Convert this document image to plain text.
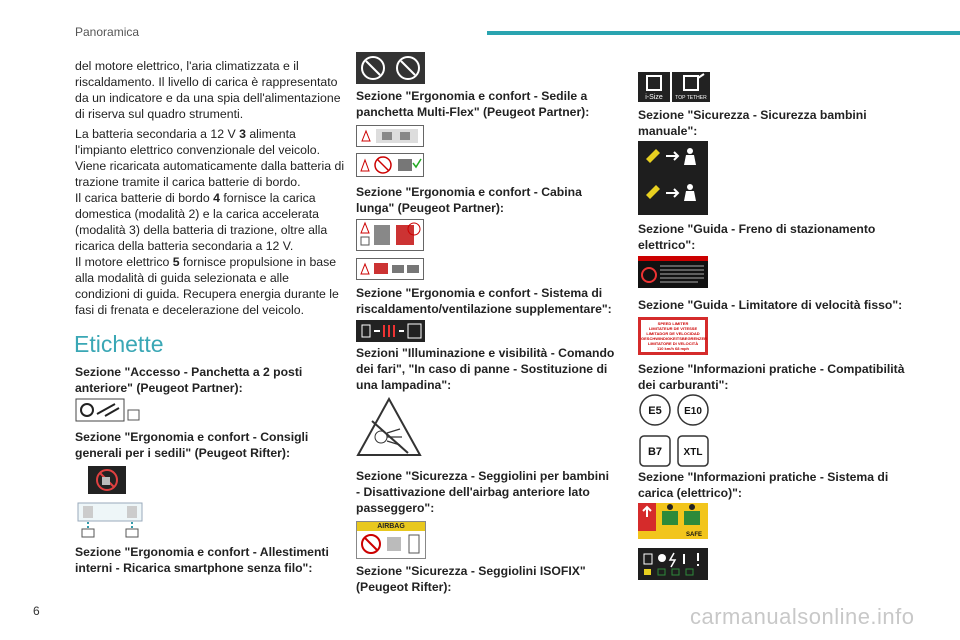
Panoramica

del motore elettrico, l'aria climatizzata e il riscaldamento. Il livello di carica è rappresentato da un indicatore e da una spia dell'alimentazione di riserva sul quadro strumenti.

La batteria secondaria a 12 V 3 alimenta l'impianto elettrico convenzionale del veicolo. Viene ricaricata automaticamente dalla batteria di trazione tramite il carica batterie di bordo.

Il carica batterie di bordo 4 fornisce la carica domestica (modalità 2) e la carica accelerata (modalità 3) della batteria di trazione, oltre alla ricarica della batteria secondaria a 12 V.

Il motore elettrico 5 fornisce propulsione in base alla modalità di guida selezionata e alle condizioni di guida. Recupera energia durante le fasi di frenata e decelerazione del veicolo.

Etichette

Sezione "Accesso - Panchetta a 2 posti anteriore" (Peugeot Partner):

Sezione "Ergonomia e confort - Consigli generali per i sedili" (Peugeot Rifter):

Sezione "Ergonomia e confort - Allestimenti interni - Ricarica smartphone senza filo":

Sezione "Ergonomia e confort - Sedile a panchetta Multi-Flex" (Peugeot Partner):

Sezione "Ergonomia e confort - Cabina lunga" (Peugeot Partner):

Sezione "Ergonomia e confort - Sistema di riscaldamento/ventilazione supplementare":

Sezioni "Illuminazione e visibilità - Comando dei fari", "In caso di panne - Sostituzione di una lampadina":

Sezione "Sicurezza - Seggiolini per bambini - Disattivazione dell'airbag anteriore lato passeggero":

AIRBAG

Sezione "Sicurezza - Seggiolini ISOFIX" (Peugeot Rifter):

i-Size	TOP TETHER

Sezione "Sicurezza - Sicurezza bambini manuale":

Sezione "Guida - Freno di stazionamento elettrico":

Sezione "Guida - Limitatore di velocità fisso":

SPEED LIMITER
LIMITATEUR DE VITESSE
LIMITADOR DE VELOCIDAD
GESCHWINDIGKEITSBEGRENZER
LIMITATORE DI VELOCITÀ
110 km/h 68 mph

Sezione "Informazioni pratiche - Compatibilità dei carburanti":

E5 E10
B7 XTL

Sezione "Informazioni pratiche - Sistema di carica (elettrico)":

SAFE
6	carmanualsonline.info
